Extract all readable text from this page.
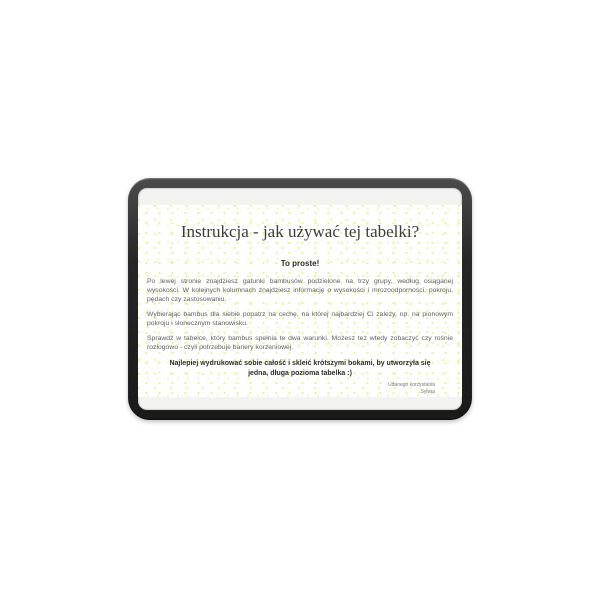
Instrukcja - jak używać tej tabelki?

To proste!

Po lewej stronie znajdziesz gatunki bambusów podzielone na trzy grupy, według osiąganej wysokości. W kolejnych kolumnach znajdziesz informację o wysokości i mrozoodporności, pokroju, pędach czy zastosowaniu.

Wybierając bambus dla siebie popatrz na cechę, na której najbardziej Ci zależy, np. na pionowym pokroju i słonecznym stanowisku.

Sprawdź w tabelce, który bambus spełnia te dwa warunki. Możesz też wtedy zobaczyć czy rośnie rozłogowo - czyli potrzebuje bariery korzeniowej.

Najlepiej wydrukować sobie całość i skleić krótszymi bokami, by utworzyła się jedna, długa pozioma tabelka :)

Udanego korzystania
Sylwia
